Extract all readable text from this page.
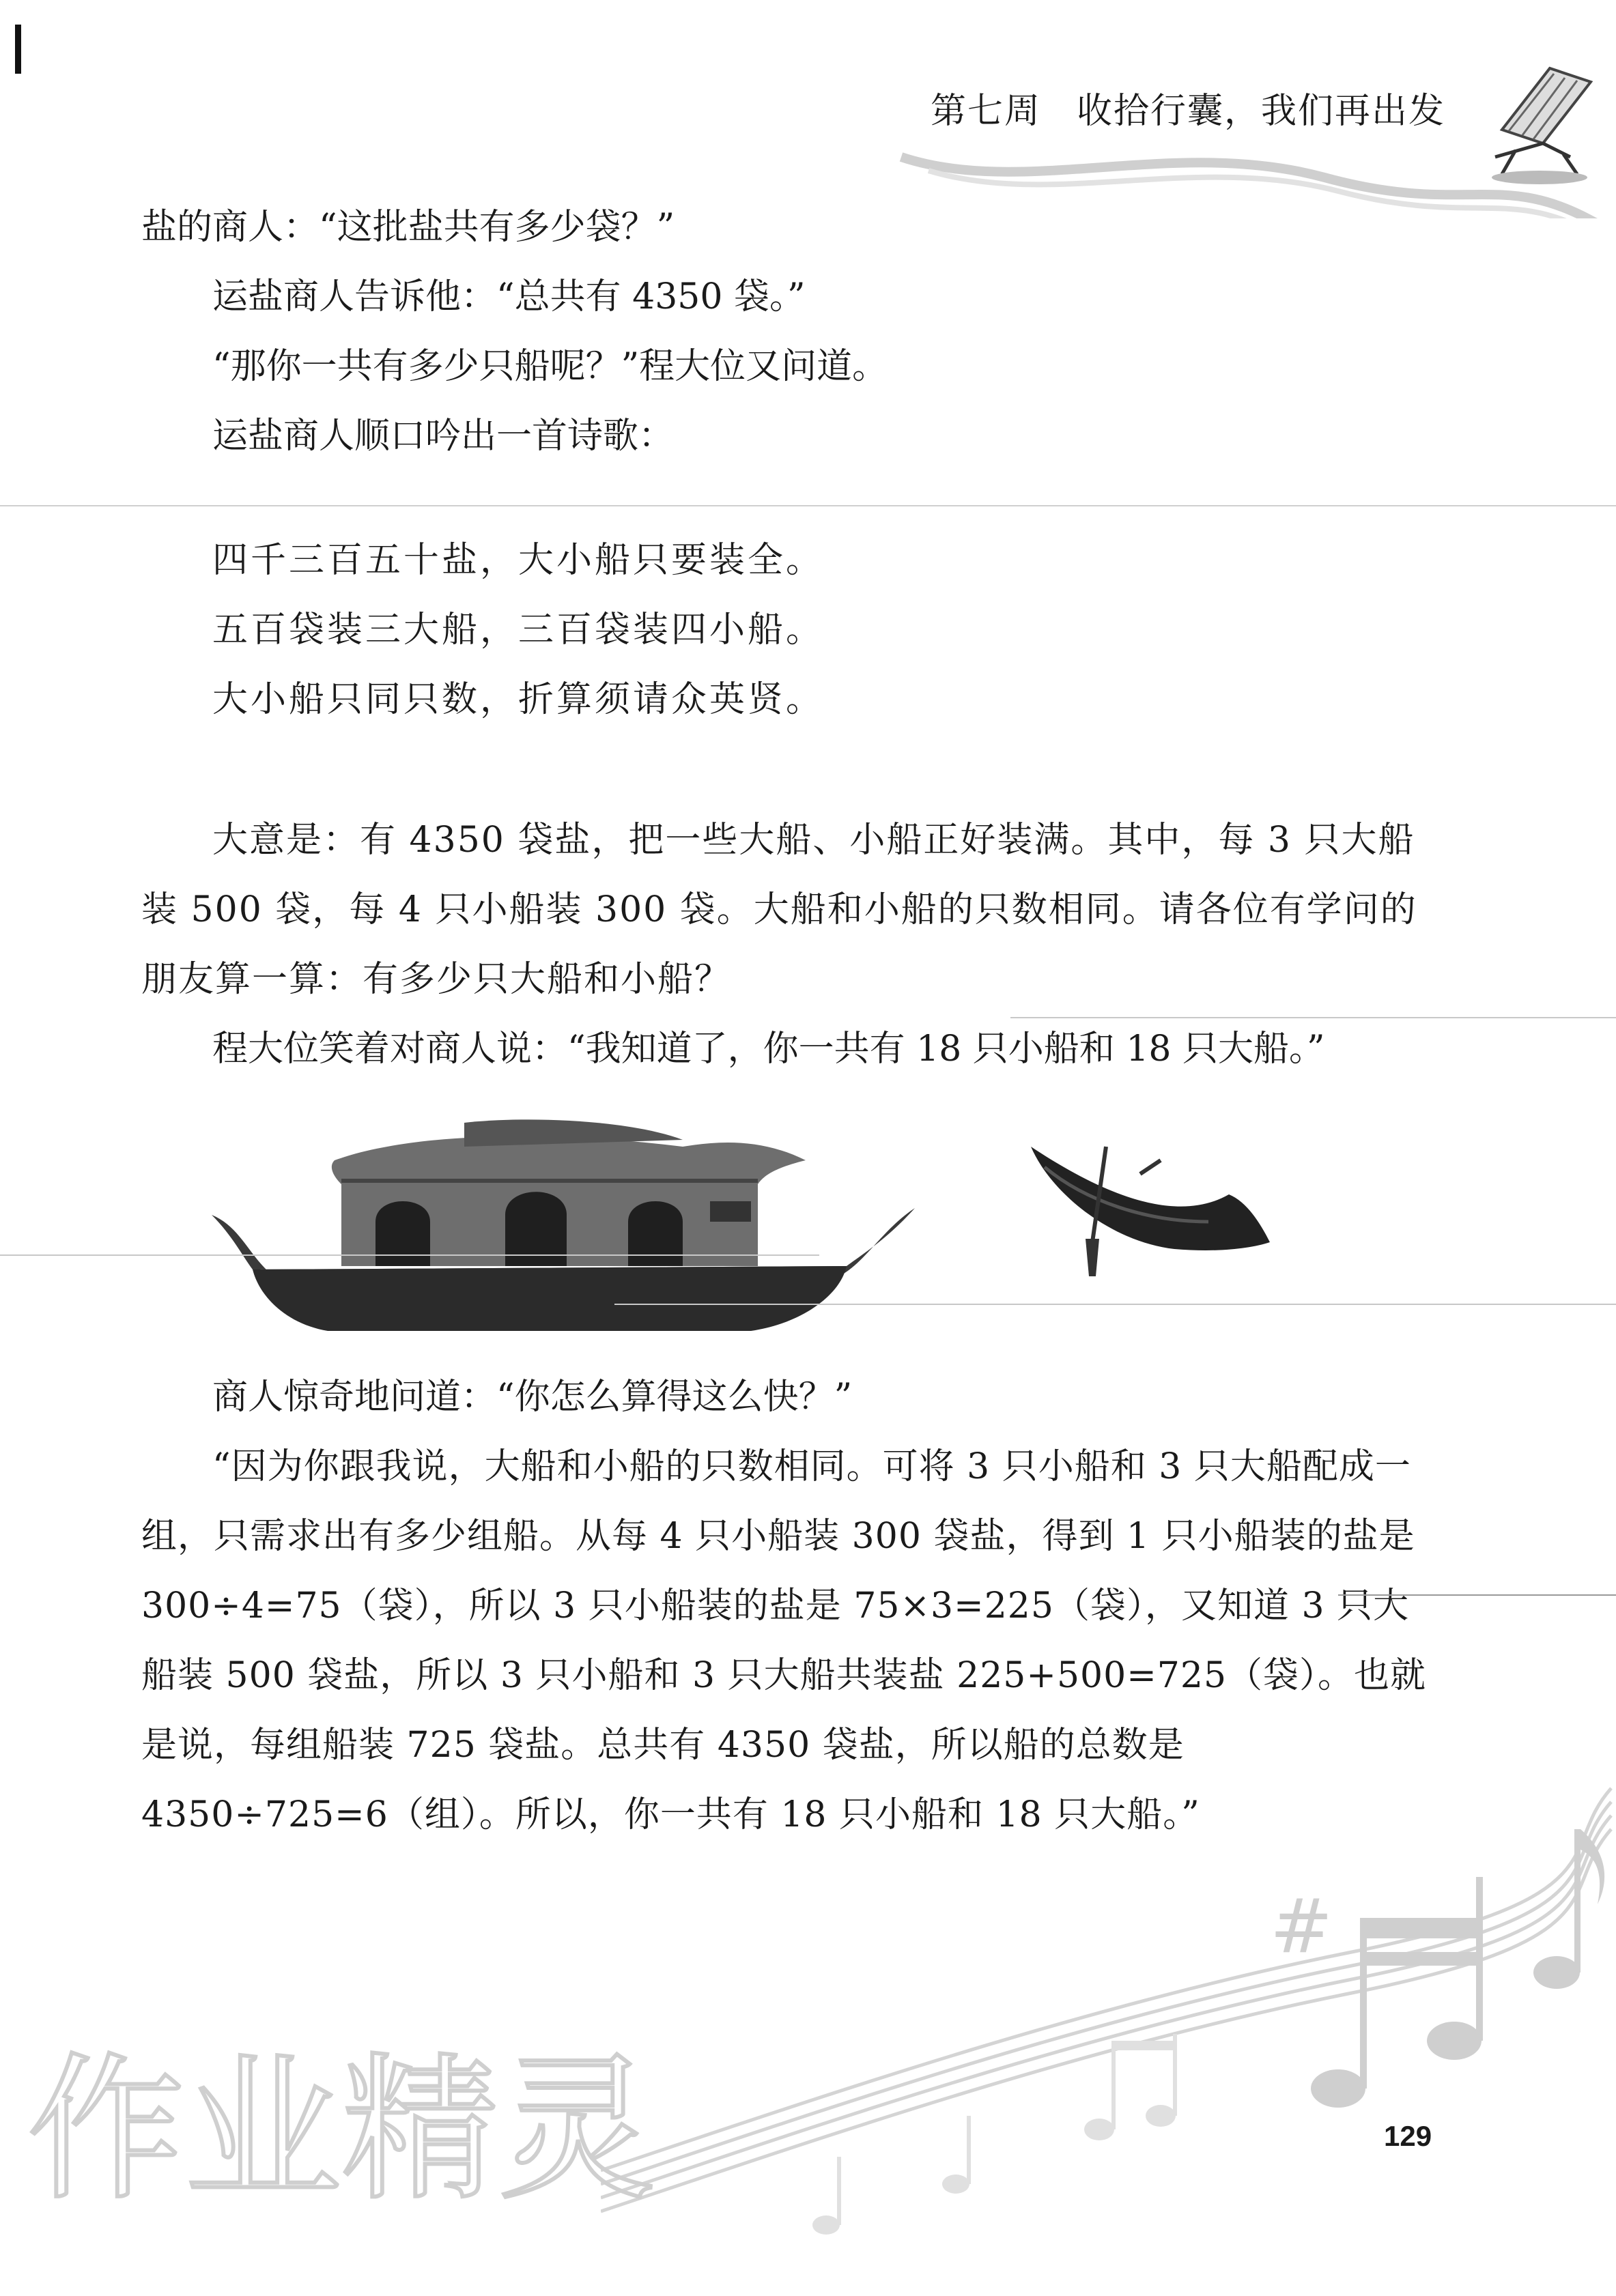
第七周 收拾行囊，我们再出发

盐的商人：“这批盐共有多少袋？”

运盐商人告诉他：“总共有 4350 袋。”

“那你一共有多少只船呢？”程大位又问道。

运盐商人顺口吟出一首诗歌：

四千三百五十盐，大小船只要装全。

五百袋装三大船，三百袋装四小船。

大小船只同只数，折算须请众英贤。

大意是：有 4350 袋盐，把一些大船、小船正好装满。其中，每 3 只大船装 500 袋，每 4 只小船装 300 袋。大船和小船的只数相同。请各位有学问的朋友算一算：有多少只大船和小船？

程大位笑着对商人说：“我知道了，你一共有 18 只小船和 18 只大船。”

商人惊奇地问道：“你怎么算得这么快？”

“因为你跟我说，大船和小船的只数相同。可将 3 只小船和 3 只大船配成一组，只需求出有多少组船。从每 4 只小船装 300 袋盐，得到 1 只小船装的盐是 300÷4=75（袋），所以 3 只小船装的盐是 75×3=225（袋），又知道 3 只大船装 500 袋盐，所以 3 只小船和 3 只大船共装盐 225+500=725（袋）。也就是说，每组船装 725 袋盐。总共有 4350 袋盐，所以船的总数是 4350÷725=6（组）。所以，你一共有 18 只小船和 18 只大船。”

#
作业精灵	129
